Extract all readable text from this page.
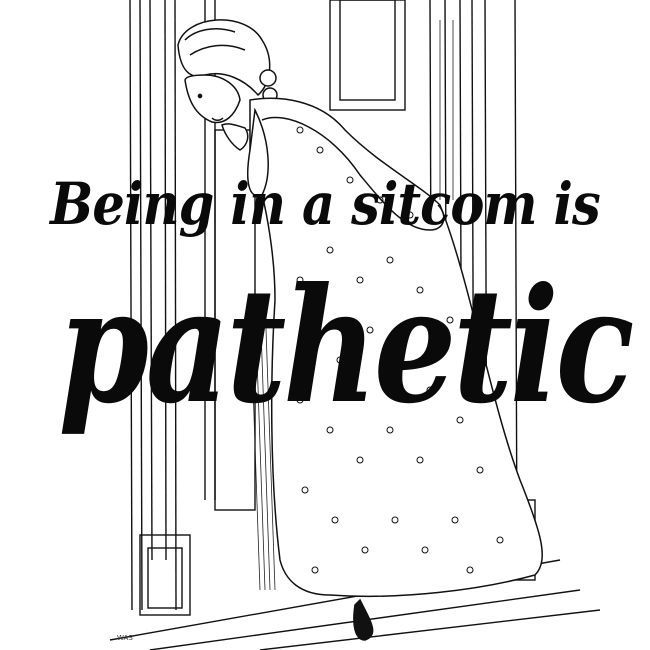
Being in a sitcom is
pathetic
WAS
